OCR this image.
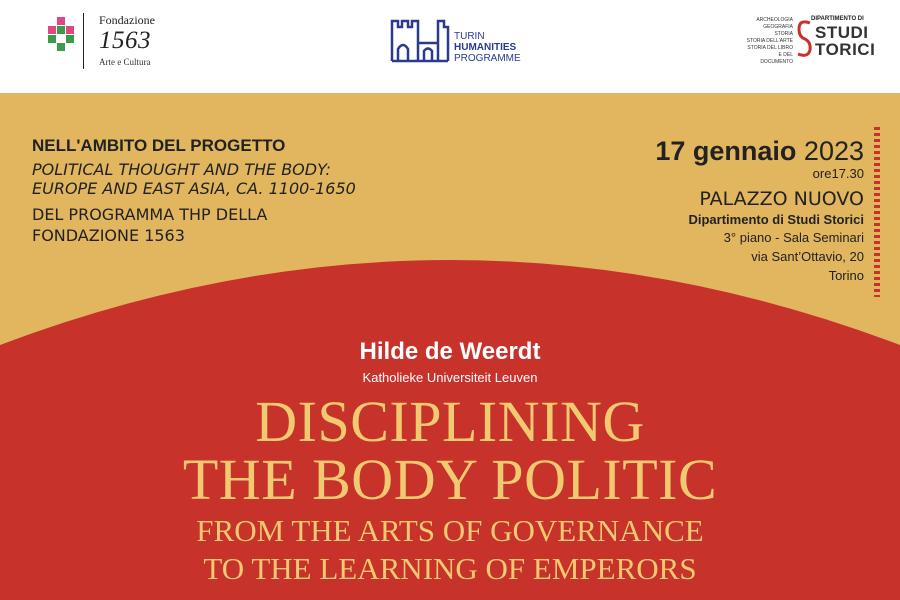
Fondazione
1563
Arte e Cultura
TURIN
HUMANITIES
PROGRAMME
ARCHEOLOGIA
GEOGRAFIA
STORIA
STORIA DELL'ARTE
STORIA DEL LIBRO
E DEL DOCUMENTO
DIPARTIMENTO DI
STUDI
TORICI
NELL'AMBITO DEL PROGETTO
POLITICAL THOUGHT AND THE BODY:
EUROPE AND EAST ASIA, CA. 1100-1650
DEL PROGRAMMA THP DELLA
FONDAZIONE 1563
17 gennaio 2023
ore17.30
PALAZZO NUOVO
Dipartimento di Studi Storici
3° piano - Sala Seminari
via Sant’Ottavio, 20
Torino
Hilde de Weerdt
Katholieke Universiteit Leuven
DISCIPLINING
THE BODY POLITIC
FROM THE ARTS OF GOVERNANCE
TO THE LEARNING OF EMPERORS
